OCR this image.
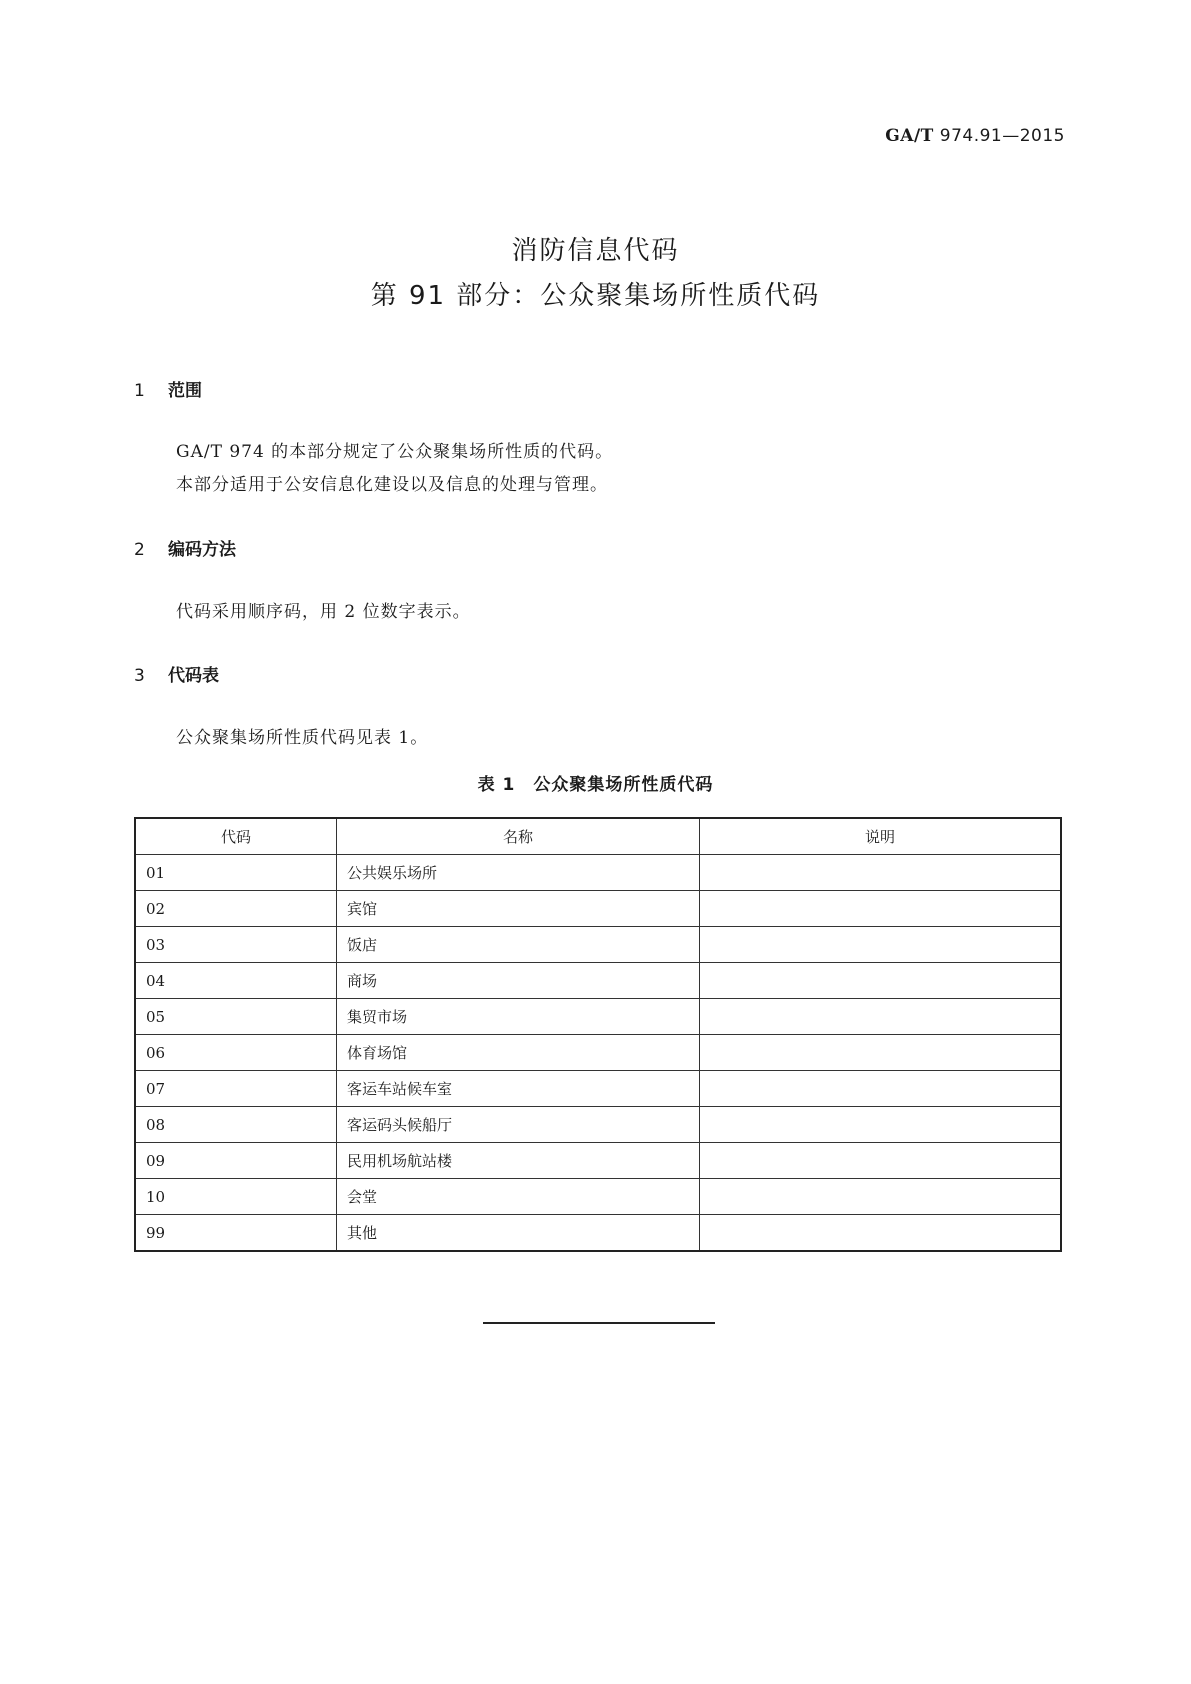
GA/T 974.91—2015
消防信息代码
第 91 部分：公众聚集场所性质代码
1 范围
GA/T 974 的本部分规定了公众聚集场所性质的代码。
本部分适用于公安信息化建设以及信息的处理与管理。
2 编码方法
代码采用顺序码，用 2 位数字表示。
3 代码表
公众聚集场所性质代码见表 1。
表 1　公众聚集场所性质代码
代码	名称	说明
01	公共娱乐场所	
02	宾馆	
03	饭店	
04	商场	
05	集贸市场	
06	体育场馆	
07	客运车站候车室	
08	客运码头候船厅	
09	民用机场航站楼	
10	会堂	
99	其他	
